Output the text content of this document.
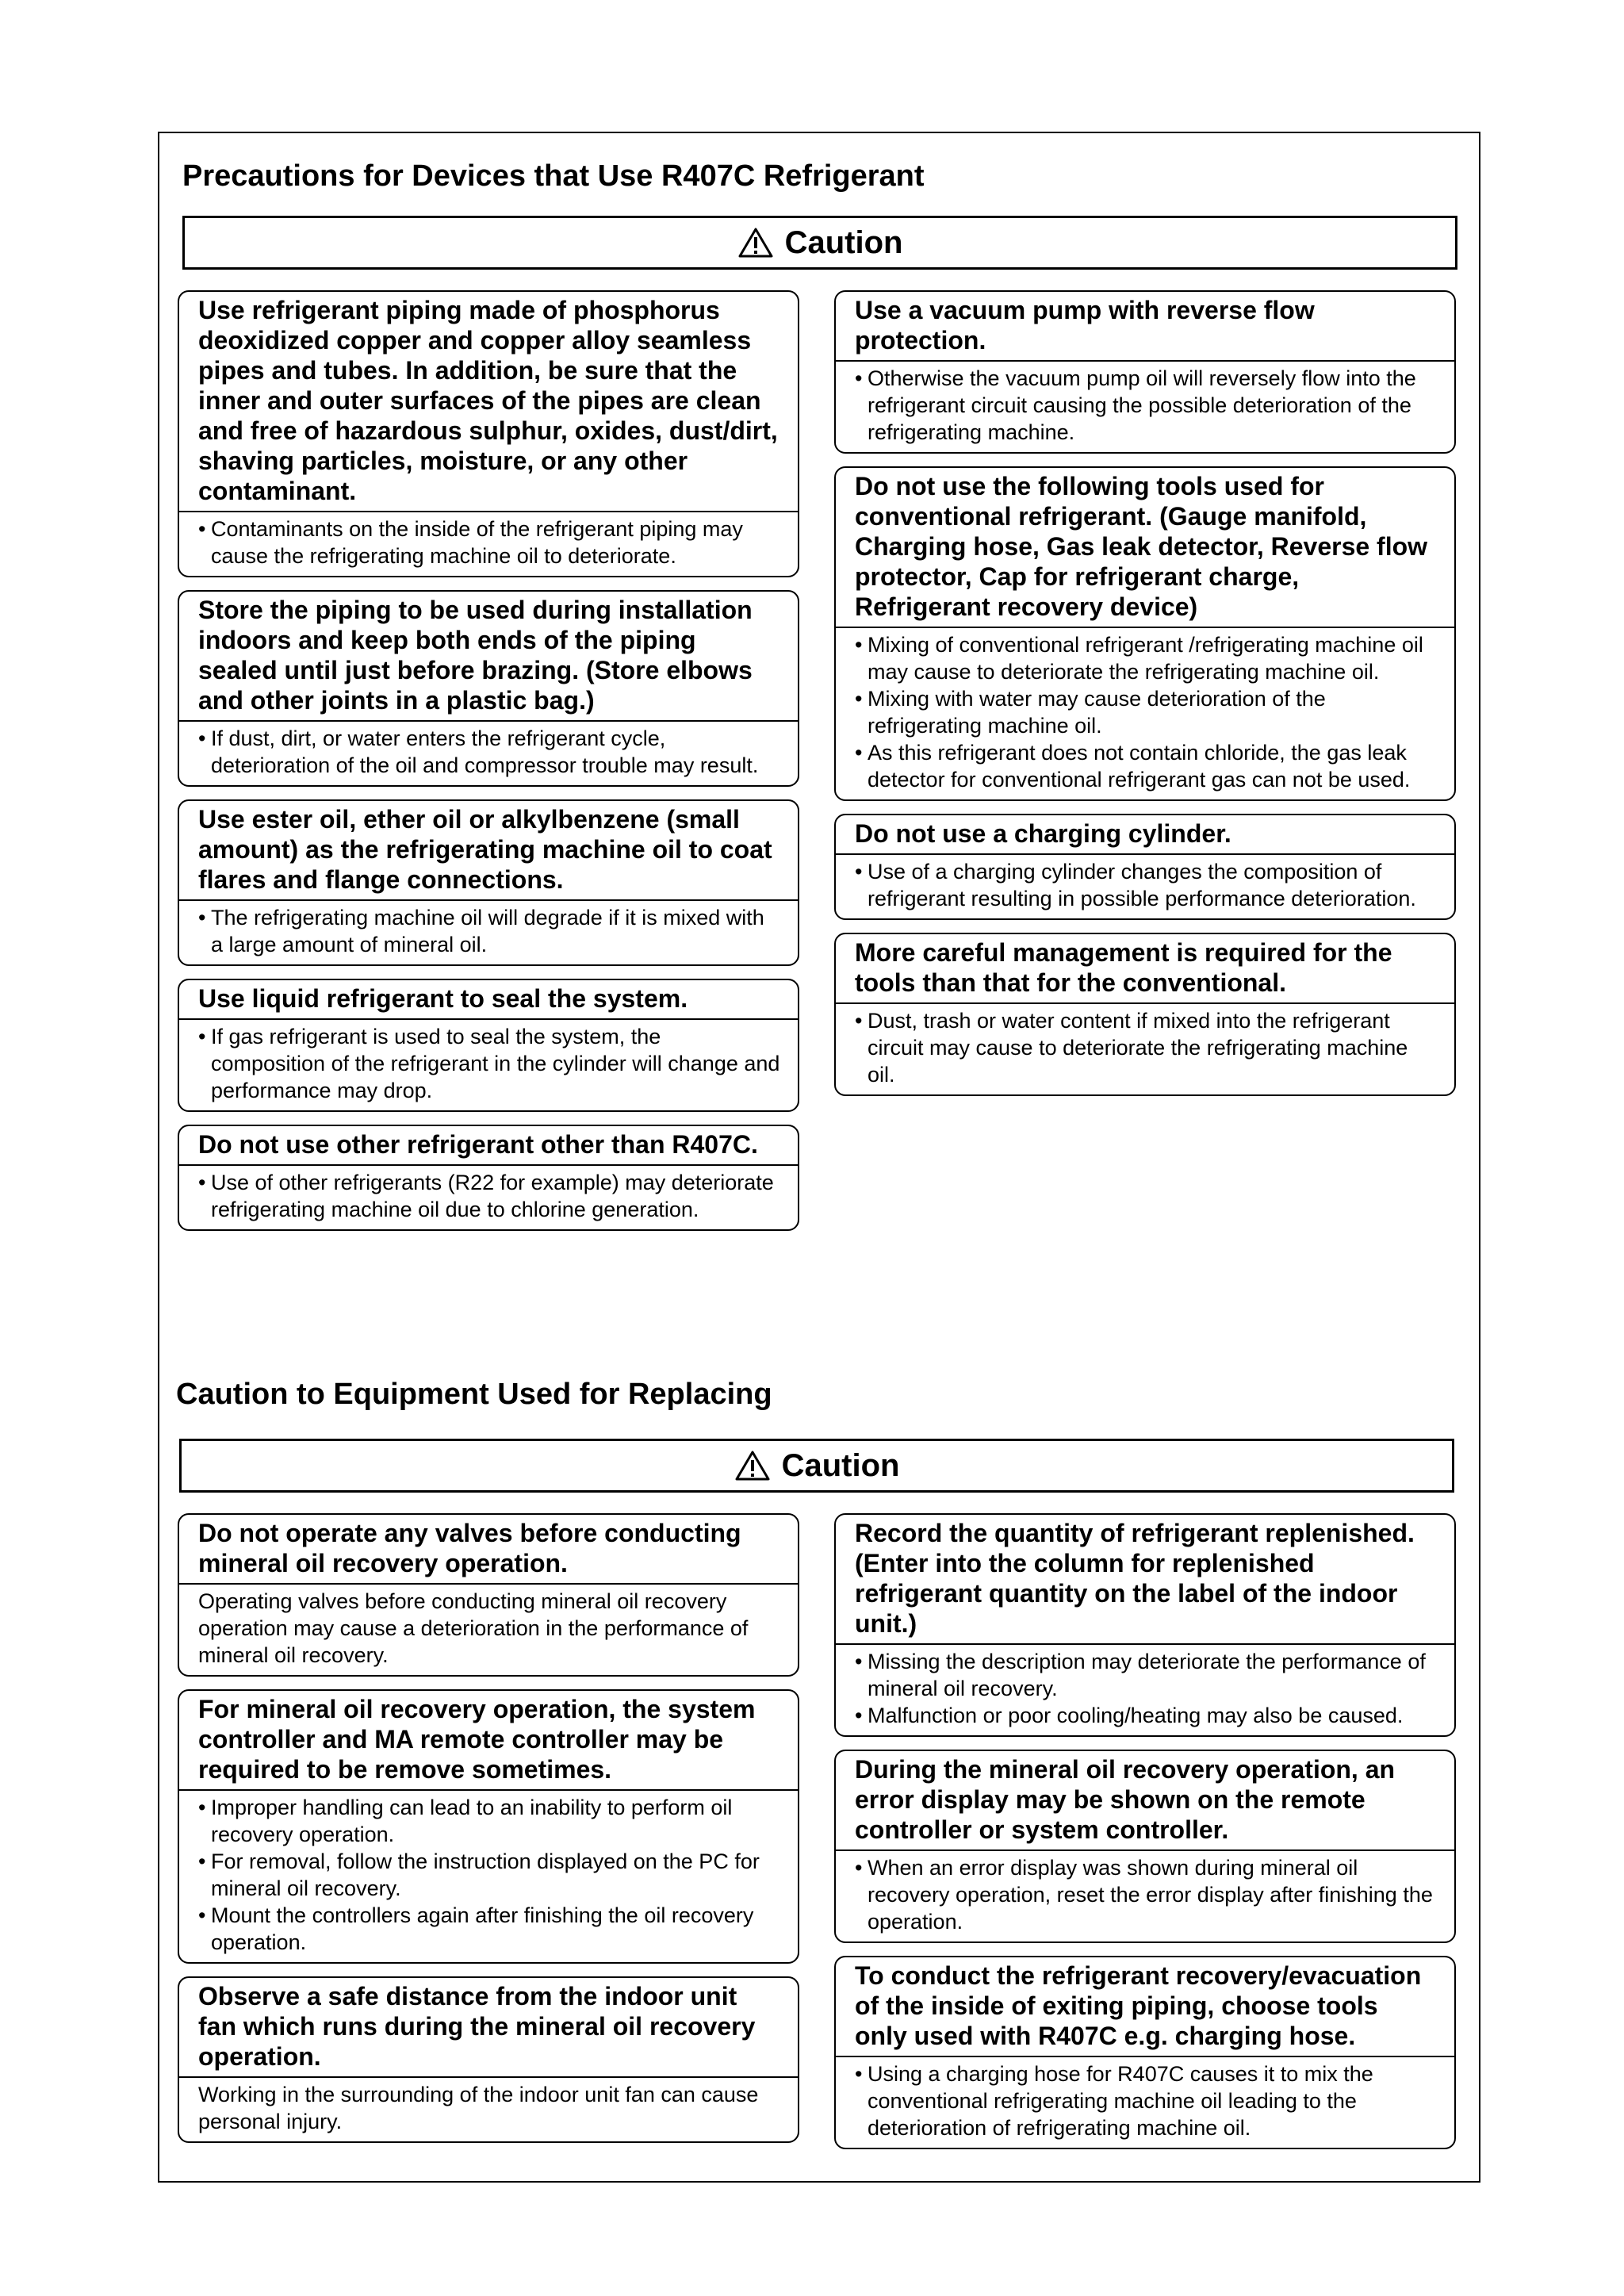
Precautions for Devices that Use R407C Refrigerant
Caution
Use refrigerant piping made of phosphorus deoxidized copper and copper alloy seamless pipes and tubes. In addition, be sure that the inner and outer surfaces of the pipes are clean and free of hazardous sulphur, oxides, dust/dirt, shaving particles, moisture, or any other contaminant.
• Contaminants on the inside of the refrigerant piping may cause the refrigerating machine oil to deteriorate.
Store the piping to be used during installation indoors and keep both ends of the piping sealed until just before brazing. (Store elbows and other joints in a plastic bag.)
• If dust, dirt, or water enters the refrigerant cycle, deterioration of the oil and compressor trouble may result.
Use ester oil, ether oil or alkylbenzene (small amount) as the refrigerating machine oil to coat flares and flange connections.
• The refrigerating machine oil will degrade if it is mixed with a large amount of mineral oil.
Use liquid refrigerant to seal the system.
• If gas refrigerant is used to seal the system, the composition of the refrigerant in the cylinder will change and performance may drop.
Do not use other refrigerant other than R407C.
• Use of other refrigerants (R22 for example) may deteriorate refrigerating machine oil due to chlorine generation.
Use a vacuum pump with reverse flow protection.
• Otherwise the vacuum pump oil will reversely flow into the refrigerant circuit causing the possible deterioration of the refrigerating machine.
Do not use the following tools used for conventional refrigerant. (Gauge manifold, Charging hose, Gas leak detector, Reverse flow protector, Cap for refrigerant charge, Refrigerant recovery device)
• Mixing of conventional refrigerant /refrigerating machine oil may cause to deteriorate the refrigerating machine oil.
• Mixing with water may cause deterioration of the refrigerating machine oil.
• As this refrigerant does not contain chloride, the gas leak detector for conventional refrigerant gas can not be used.
Do not use a charging cylinder.
• Use of a charging cylinder changes the composition of refrigerant resulting in possible performance deterioration.
More careful management is required for the tools than that for the conventional.
• Dust, trash or water content if mixed into the refrigerant circuit may cause to deteriorate the refrigerating machine oil.
Caution to Equipment Used for Replacing
Caution
Do not operate any valves before conducting mineral oil recovery operation.

Operating valves before conducting mineral oil recovery operation may cause a deterioration in the performance of mineral oil recovery.

For mineral oil recovery operation, the system controller and MA remote controller may be required to be remove sometimes.
• Improper handling can lead to an inability to perform oil recovery operation.
• For removal, follow the instruction displayed on the PC for mineral oil recovery.
• Mount the controllers again after finishing the oil recovery operation.
Observe a safe distance from the indoor unit fan which runs during the mineral oil recovery operation.

Working in the surrounding of the indoor unit fan can cause personal injury.

Record the quantity of refrigerant replenished. (Enter into the column for replenished refrigerant quantity on the label of the indoor unit.)
• Missing the description may deteriorate the performance of mineral oil recovery.
• Malfunction or poor cooling/heating may also be caused.
During the mineral oil recovery operation, an error display may be shown on the remote controller or system controller.
• When an error display was shown during mineral oil recovery operation, reset the error display after finishing the operation.
To conduct the refrigerant recovery/evacuation of the inside of exiting piping, choose tools only used with R407C e.g. charging hose.
• Using a charging hose for R407C causes it to mix the conventional refrigerating machine oil leading to the deterioration of refrigerating machine oil.
